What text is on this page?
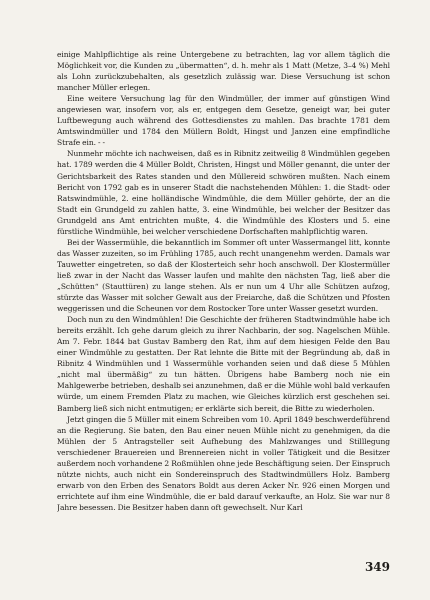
einige Mahlpflichtige als reine Untergebene zu betrachten, lag vor allem täglich die Möglichkeit vor, die Kunden zu „übermatten“, d. h. mehr als 1 Matt (Metze, 3–4 %) Mehl als Lohn zurückzubehalten, als gesetzlich zulässig war. Diese Versuchung ist schon mancher Müller erlegen.

Eine weitere Versuchung lag für den Windmüller, der immer auf günstigen Wind angewiesen war, insofern vor, als er, entgegen dem Gesetze, geneigt war, bei guter Luftbewegung auch während des Gottesdienstes zu mahlen. Das brachte 1781 dem Amtswindmüller und 1784 den Müllern Boldt, Hingst und Janzen eine empfindliche Strafe ein. - -

Nunmehr möchte ich nachweisen, daß es in Ribnitz zeitweilig 8 Windmühlen gegeben hat. 1789 werden die 4 Müller Boldt, Christen, Hingst und Möller genannt, die unter der Gerichtsbarkeit des Rates standen und den Müllereid schwören mußten. Nach einem Bericht von 1792 gab es in unserer Stadt die nachstehenden Mühlen: 1. die Stadt- oder Ratswindmühle, 2. eine holländische Windmühle, die dem Müller gehörte, der an die Stadt ein Grundgeld zu zahlen hatte, 3. eine Windmühle, bei welcher der Besitzer das Grundgeld ans Amt entrichten mußte, 4. die Windmühle des Klosters und 5. eine fürstliche Windmühle, bei welcher verschiedene Dorfschaften mahlpflichtig waren.

Bei der Wassermühle, die bekanntlich im Sommer oft unter Wassermangel litt, konnte das Wasser zuzeiten, so im Frühling 1785, auch recht unangenehm werden. Damals war Tauwetter eingetreten, so daß der Klosterteich sehr hoch anschwoll. Der Klostermüller ließ zwar in der Nacht das Wasser laufen und mahlte den nächsten Tag, ließ aber die „Schütten“ (Stauttüren) zu lange stehen. Als er nun um 4 Uhr alle Schützen aufzog, stürzte das Wasser mit solcher Gewalt aus der Freiarche, daß die Schützen und Pfosten weggerissen und die Scheunen vor dem Rostocker Tore unter Wasser gesetzt wurden.

Doch nun zu den Windmühlen! Die Geschichte der früheren Stadtwindmühle habe ich bereits erzählt. Ich gehe darum gleich zu ihrer Nachbarin, der sog. Nagelschen Mühle. Am 7. Febr. 1844 bat Gustav Bamberg den Rat, ihm auf dem hiesigen Felde den Bau einer Windmühle zu gestatten. Der Rat lehnte die Bitte mit der Begründung ab, daß in Ribnitz 4 Windmühlen und 1 Wassermühle vorhanden seien und daß diese 5 Mühlen „nicht mal übermäßig“ zu tun hätten. Übrigens habe Bamberg noch nie ein Mahlgewerbe betrieben, deshalb sei anzunehmen, daß er die Mühle wohl bald verkaufen würde, um einem Fremden Platz zu machen, wie Gleiches kürzlich erst geschehen sei. Bamberg ließ sich nicht entmutigen; er erklärte sich bereit, die Bitte zu wiederholen.

Jetzt gingen die 5 Müller mit einem Schreiben vom 10. April 1849 beschwerdeführend an die Regierung. Sie baten, den Bau einer neuen Mühle nicht zu genehmigen, da die Mühlen der 5 Antragsteller seit Aufhebung des Mahlzwanges und Stilllegung verschiedener Brauereien und Brennereien nicht in voller Tätigkeit und die Besitzer außerdem noch vorhandene 2 Roßmühlen ohne jede Beschäftigung seien. Der Einspruch nützte nichts, auch nicht ein Sondereinspruch des Stadtwindmüllers Holz. Bamberg erwarb von den Erben des Senators Boldt aus deren Acker Nr. 926 einen Morgen und errichtete auf ihm eine Windmühle, die er bald darauf verkaufte, an Holz. Sie war nur 8 Jahre besessen. Die Besitzer haben dann oft gewechselt. Nur Karl

349
